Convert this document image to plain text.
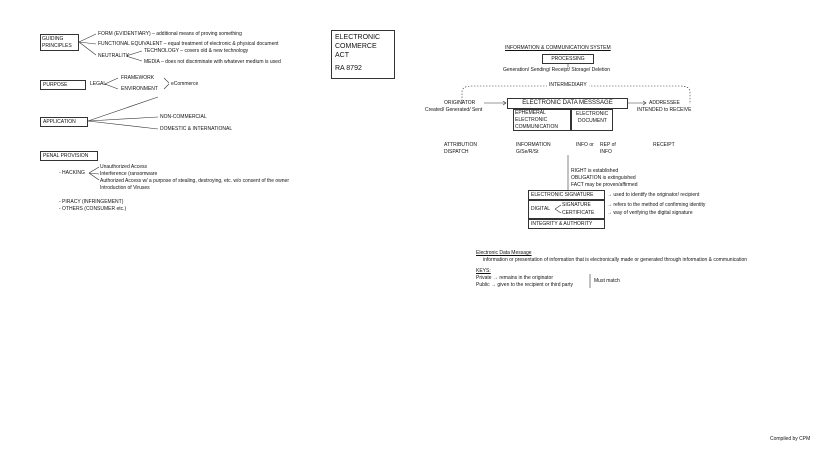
ELECTRONIC
COMMERCE
ACT
RA 8792
GUIDING
PRINCIPLES
FORM (EVIDENTIARY) – additional means of proving something
FUNCTIONAL EQUIVALENT – equal treatment of electronic & physical document
NEUTRALITY
TECHNOLOGY – covers old & new technology
MEDIA – does not discriminate with whatever medium is used
PURPOSE	LEGAL
FRAMEWORK
ENVIRONMENT
eCommerce
APPLICATION
NON-COMMERCIAL
DOMESTIC & INTERNATIONAL
PENAL PROVISION
- HACKING
Unauthorized Access
Interference (ransomware
Authorized Access w/ a purpose of stealing, destroying, etc. w/o consent of the owner
Introduction of Viruses
- PIRACY (INFRINGEMENT)
- OTHERS (CONSUMER etc.)
INFORMATION & COMMUNICATION SYSTEM
PROCESSING
Generation/ Sending/ Receipt/ Storage/ Deletion
INTERMEDIARY
ORIGINATOR
Created/ Generated/ Sent
ELECTRONIC DATA MESSSAGE	ADDRESSEE
INTENDED to RECEIVE
EPHEMERAL
ELECTRONIC
COMMUNICATION
ELECTRONIC
DOCUMENT
ATTRIBUTION
DISPATCH
INFORMATION
G/Se/R/St
INFO or REP of
INFO
RECEIPT
RIGHT is established
OBLIGATION is extinguished
FACT may be proven/affirmed
ELECTRONIC SIGNATURE	→ used to identify the originator/ recipient
DIGITAL
SIGNATURE
CERTIFICATE
→ refers to the method of confirming identity
→ way of verifying the digital signature
INTEGRITY & AUTHORITY
Electronic Data Message
information or presentation of information that is electronically made or generated through information & communication
KEYS:
Private → remains in the originator
Public → given to the recipient or third party
Must match
Compiled by CPM
